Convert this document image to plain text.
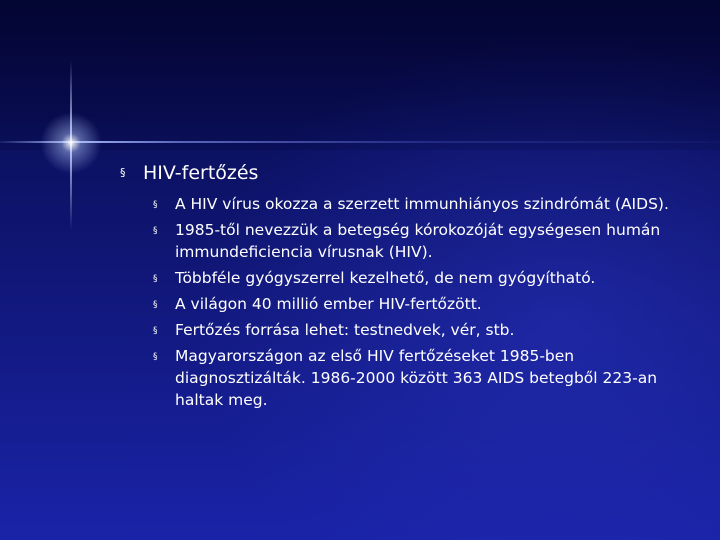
§ HIV-fertőzés
§	A HIV vírus okozza a szerzett immunhiányos szindrómát (AIDS).
§	1985-től nevezzük a betegség kórokozóját egységesen humán immundeficiencia vírusnak (HIV).
§	Többféle gyógyszerrel kezelhető, de nem gyógyítható.
§	A világon 40 millió ember HIV-fertőzött.
§	Fertőzés forrása lehet: testnedvek, vér, stb.
§	Magyarországon az első HIV fertőzéseket 1985-ben diagnosztizálták. 1986-2000 között 363 AIDS betegből 223-an haltak meg.
